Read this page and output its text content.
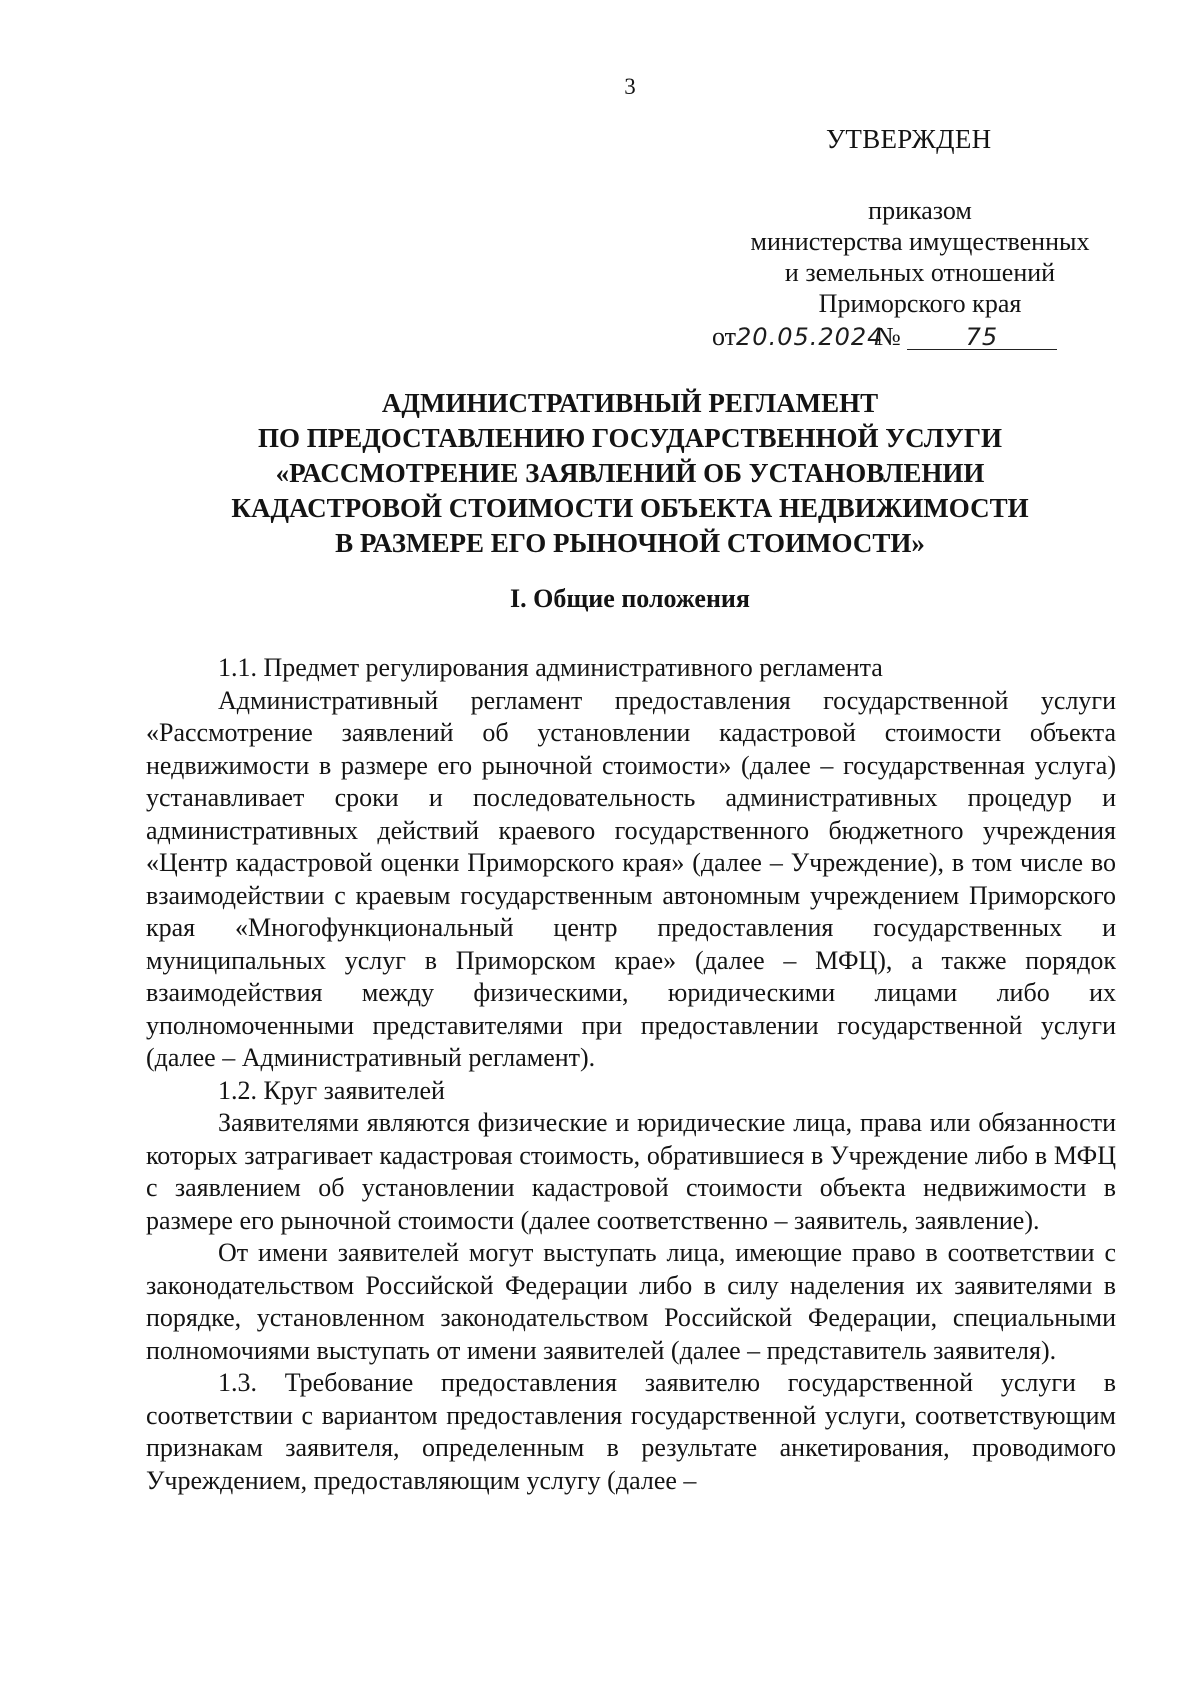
3
УТВЕРЖДЕН
приказом
министерства имущественных
и земельных отношений
Приморского края
от20.05.2024№	75
АДМИНИСТРАТИВНЫЙ РЕГЛАМЕНТ
ПО ПРЕДОСТАВЛЕНИЮ ГОСУДАРСТВЕННОЙ УСЛУГИ
«РАССМОТРЕНИЕ ЗАЯВЛЕНИЙ ОБ УСТАНОВЛЕНИИ
КАДАСТРОВОЙ СТОИМОСТИ ОБЪЕКТА НЕДВИЖИМОСТИ
В РАЗМЕРЕ ЕГО РЫНОЧНОЙ СТОИМОСТИ»
I. Общие положения

1.1. Предмет регулирования административного регламента

Административный регламент предоставления государственной услуги «Рассмотрение заявлений об установлении кадастровой стоимости объекта недвижимости в размере его рыночной стоимости» (далее – государственная услуга) устанавливает сроки и последовательность административных процедур и административных действий краевого государственного бюджетного учреждения «Центр кадастровой оценки Приморского края» (далее – Учреждение), в том числе во взаимодействии с краевым государственным автономным учреждением Приморского края «Многофункциональный центр предоставления государственных и муниципальных услуг в Приморском крае» (далее – МФЦ), а также порядок взаимодействия между физическими, юридическими лицами либо их уполномоченными представителями при предоставлении государственной услуги (далее – Административный регламент).

1.2. Круг заявителей

Заявителями являются физические и юридические лица, права или обязанности которых затрагивает кадастровая стоимость, обратившиеся в Учреждение либо в МФЦ с заявлением об установлении кадастровой стоимости объекта недвижимости в размере его рыночной стоимости (далее соответственно – заявитель, заявление).

От имени заявителей могут выступать лица, имеющие право в соответствии с законодательством Российской Федерации либо в силу наделения их заявителями в порядке, установленном законодательством Российской Федерации, специальными полномочиями выступать от имени заявителей (далее – представитель заявителя).

1.3. Требование предоставления заявителю государственной услуги в соответствии с вариантом предоставления государственной услуги, соответствующим признакам заявителя, определенным в результате анкетирования, проводимого Учреждением, предоставляющим услугу (далее –
